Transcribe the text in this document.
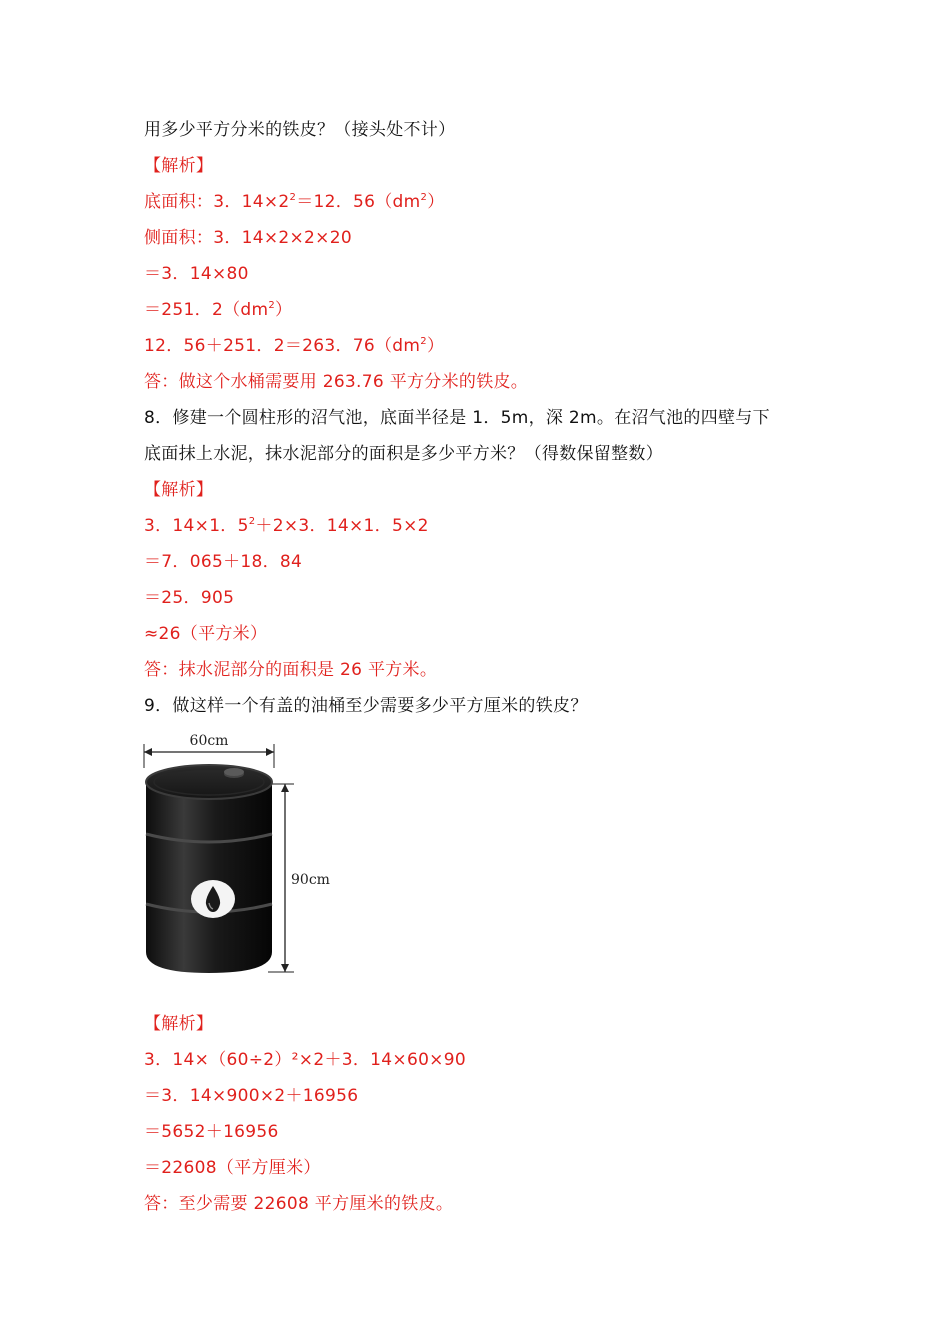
用多少平方分米的铁皮？（接头处不计）
【解析】
底面积：3．$14\times 2^2=12$．$56(dm^2)$
侧面积：3．14×2×2×20
＝3．14×80
＝251．$2(dm^2)$
12．56＋251．2＝263．$76(dm^2)$
答：做这个水桶需要用 263.76 平方分米的铁皮。
8．修建一个圆柱形的沼气池，底面半径是 1．5m，深 2m。在沼气池的四壁与下
底面抹上水泥，抹水泥部分的面积是多少平方米？（得数保留整数）
【解析】
3．14×1．$5^2+2\times 3$．14×1．5×2
＝7．065＋18．84
＝25．905
≈26（平方米）
答：抹水泥部分的面积是 26 平方米。
9．做这样一个有盖的油桶至少需要多少平方厘米的铁皮？
60cm
90cm
【解析】
3．14×（60÷2）²×2＋3．14×60×90
＝3．14×900×2＋16956
＝5652＋16956
＝22608（平方厘米）
答：至少需要 22608 平方厘米的铁皮。
